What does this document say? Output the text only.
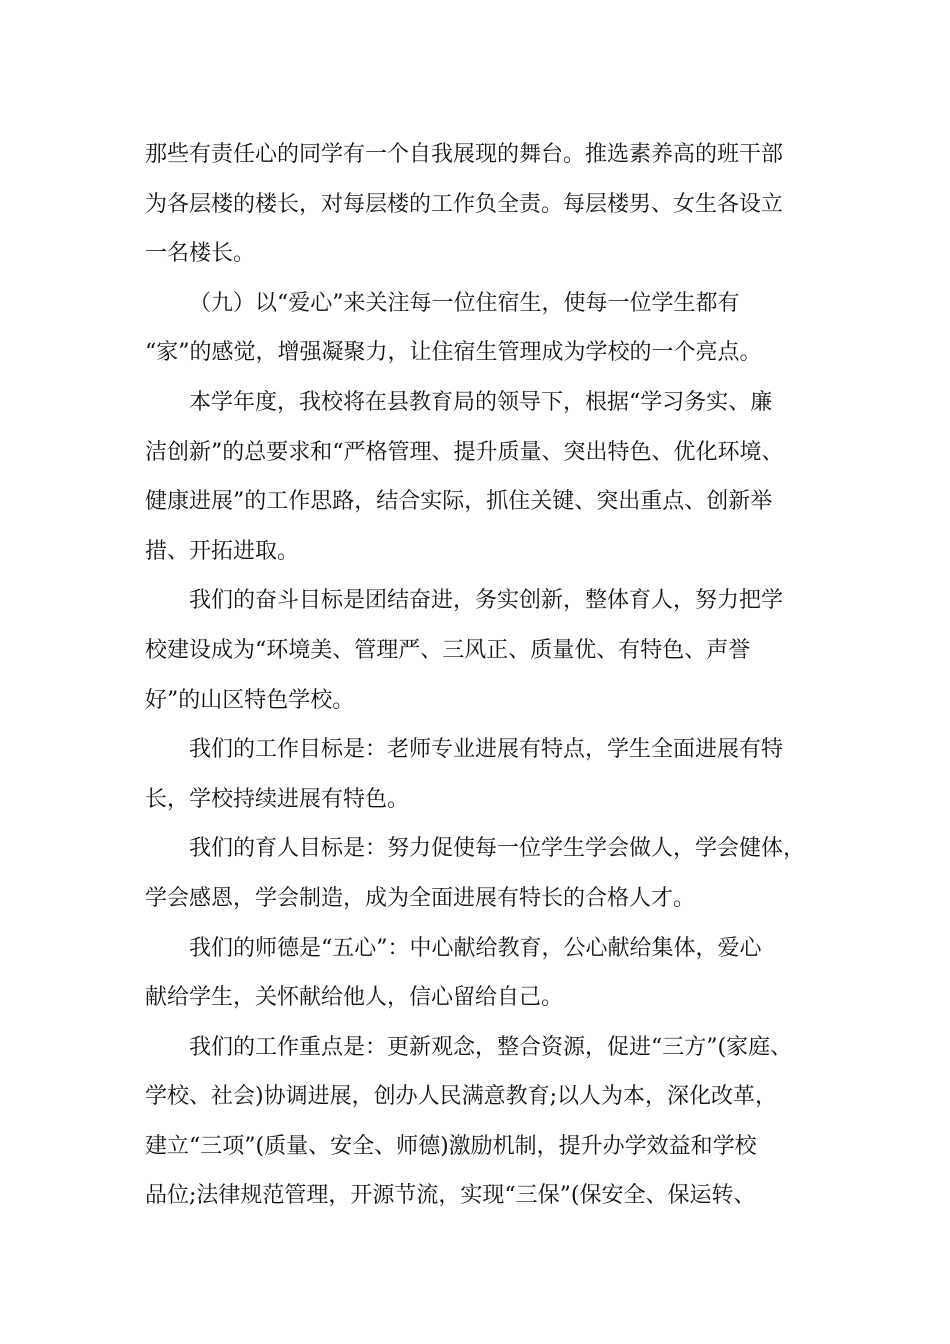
那些有责任心的同学有一个自我展现的舞台。推选素养高的班干部
为各层楼的楼长，对每层楼的工作负全责。每层楼男、女生各设立
一名楼长。
（九）以“爱心”来关注每一位住宿生，使每一位学生都有
“家”的感觉，增强凝聚力，让住宿生管理成为学校的一个亮点。
本学年度，我校将在县教育局的领导下，根据“学习务实、廉
洁创新”的总要求和“严格管理、提升质量、突出特色、优化环境、
健康进展”的工作思路，结合实际，抓住关键、突出重点、创新举
措、开拓进取。
我们的奋斗目标是团结奋进，务实创新，整体育人，努力把学
校建设成为“环境美、管理严、三风正、质量优、有特色、声誉
好”的山区特色学校。
我们的工作目标是：老师专业进展有特点，学生全面进展有特
长，学校持续进展有特色。
我们的育人目标是：努力促使每一位学生学会做人，学会健体，
学会感恩，学会制造，成为全面进展有特长的合格人才。
我们的师德是“五心”：中心献给教育，公心献给集体，爱心
献给学生，关怀献给他人，信心留给自己。
我们的工作重点是：更新观念，整合资源，促进“三方”(家庭、
学校、社会)协调进展，创办人民满意教育;以人为本，深化改革，
建立“三项”(质量、安全、师德)激励机制，提升办学效益和学校
品位;法律规范管理，开源节流，实现“三保”(保安全、保运转、
